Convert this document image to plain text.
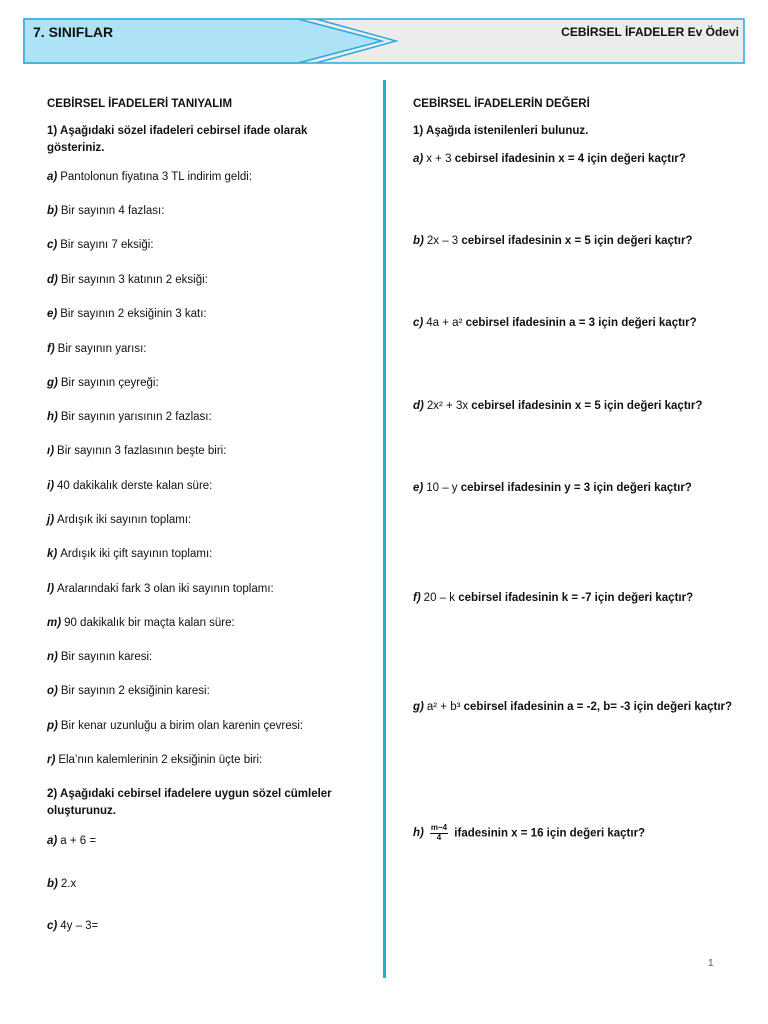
7. SINIFLAR	CEBİRSEL İFADELER Ev Ödevi
CEBİRSEL İFADELERİ TANIYALIM
1) Aşağıdaki sözel ifadeleri cebirsel ifade olarak gösteriniz.
a) Pantolonun fiyatına 3 TL indirim geldi:
b) Bir sayının 4 fazlası:
c) Bir sayını 7 eksiği:
d) Bir sayının 3 katının 2 eksiği:
e) Bir sayının 2 eksiğinin 3 katı:
f) Bir sayının yarısı:
g) Bir sayının çeyreği:
h) Bir sayının yarısının 2 fazlası:
ı) Bir sayının 3 fazlasının beşte biri:
i) 40 dakikalık derste kalan süre:
j) Ardışık iki sayının toplamı:
k) Ardışık iki çift sayının toplamı:
l) Aralarındaki fark 3 olan iki sayının toplamı:
m) 90 dakikalık bir maçta kalan süre:
n) Bir sayının karesi:
o) Bir sayının 2 eksiğinin karesi:
p) Bir kenar uzunluğu a birim olan karenin çevresi:
r) Ela’nın kalemlerinin 2 eksiğinin üçte biri:
2) Aşağıdaki cebirsel ifadelere uygun sözel cümleler oluşturunuz.
a) a + 6 =
b) 2.x
c) 4y – 3=
CEBİRSEL İFADELERİN DEĞERİ
1) Aşağıda istenilenleri bulunuz.
a) x + 3 cebirsel ifadesinin x = 4 için değeri kaçtır?
b) 2x – 3 cebirsel ifadesinin x = 5 için değeri kaçtır?
c) 4a + a² cebirsel ifadesinin a = 3 için değeri kaçtır?
d) 2x² + 3x cebirsel ifadesinin x = 5 için değeri kaçtır?
e) 10 – y cebirsel ifadesinin y = 3 için değeri kaçtır?
f) 20 – k cebirsel ifadesinin k = -7 için değeri kaçtır?
g) a² + b³ cebirsel ifadesinin a = -2, b= -3 için değeri kaçtır?
$h) \frac{m-4}{4}$ ifadesinin x = 16 için değeri kaçtır?
1
